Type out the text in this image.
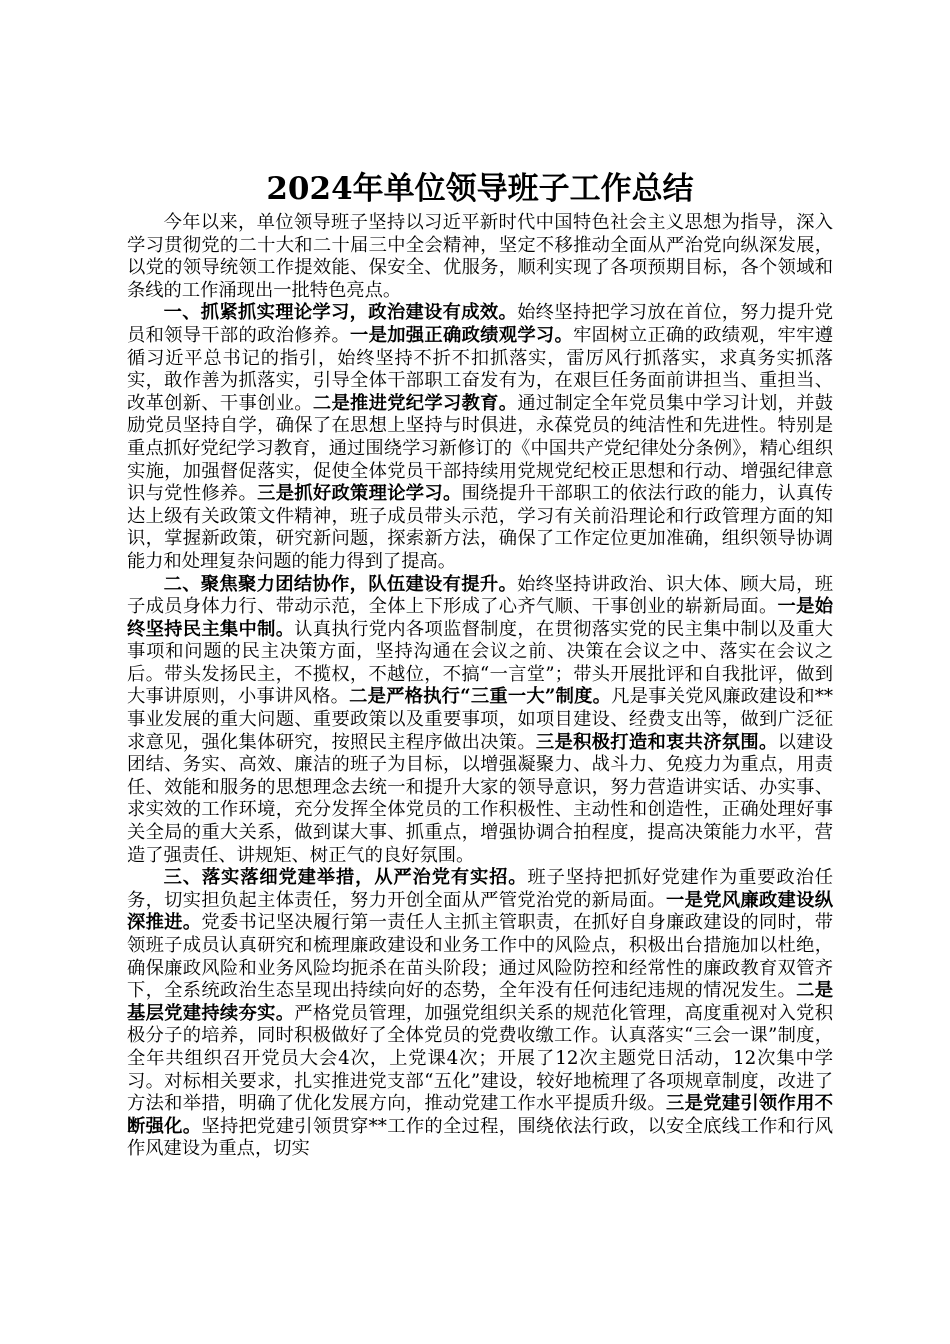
2024年单位领导班子工作总结

今年以来，单位领导班子坚持以习近平新时代中国特色社会主义思想为指导，深入学习贯彻党的二十大和二十届三中全会精神，坚定不移推动全面从严治党向纵深发展，以党的领导统领工作提效能、保安全、优服务，顺利实现了各项预期目标，各个领域和条线的工作涌现出一批特色亮点。

一、抓紧抓实理论学习，政治建设有成效。始终坚持把学习放在首位，努力提升党员和领导干部的政治修养。一是加强正确政绩观学习。牢固树立正确的政绩观，牢牢遵循习近平总书记的指引，始终坚持不折不扣抓落实，雷厉风行抓落实，求真务实抓落实，敢作善为抓落实，引导全体干部职工奋发有为，在艰巨任务面前讲担当、重担当、改革创新、干事创业。二是推进党纪学习教育。通过制定全年党员集中学习计划，并鼓励党员坚持自学，确保了在思想上坚持与时俱进，永葆党员的纯洁性和先进性。特别是重点抓好党纪学习教育，通过围绕学习新修订的《中国共产党纪律处分条例》，精心组织实施，加强督促落实，促使全体党员干部持续用党规党纪校正思想和行动、增强纪律意识与党性修养。三是抓好政策理论学习。围绕提升干部职工的依法行政的能力，认真传达上级有关政策文件精神，班子成员带头示范，学习有关前沿理论和行政管理方面的知识，掌握新政策，研究新问题，探索新方法，确保了工作定位更加准确，组织领导协调能力和处理复杂问题的能力得到了提高。

二、聚焦聚力团结协作，队伍建设有提升。始终坚持讲政治、识大体、顾大局，班子成员身体力行、带动示范，全体上下形成了心齐气顺、干事创业的崭新局面。一是始终坚持民主集中制。认真执行党内各项监督制度，在贯彻落实党的民主集中制以及重大事项和问题的民主决策方面，坚持沟通在会议之前、决策在会议之中、落实在会议之后。带头发扬民主，不揽权，不越位，不搞“一言堂”；带头开展批评和自我批评，做到大事讲原则，小事讲风格。二是严格执行“三重一大”制度。凡是事关党风廉政建设和**事业发展的重大问题、重要政策以及重要事项，如项目建设、经费支出等，做到广泛征求意见，强化集体研究，按照民主程序做出决策。三是积极打造和衷共济氛围。以建设团结、务实、高效、廉洁的班子为目标，以增强凝聚力、战斗力、免疫力为重点，用责任、效能和服务的思想理念去统一和提升大家的领导意识，努力营造讲实话、办实事、求实效的工作环境，充分发挥全体党员的工作积极性、主动性和创造性，正确处理好事关全局的重大关系，做到谋大事、抓重点，增强协调合拍程度，提高决策能力水平，营造了强责任、讲规矩、树正气的良好氛围。

三、落实落细党建举措，从严治党有实招。班子坚持把抓好党建作为重要政治任务，切实担负起主体责任，努力开创全面从严管党治党的新局面。一是党风廉政建设纵深推进。党委书记坚决履行第一责任人主抓主管职责，在抓好自身廉政建设的同时，带领班子成员认真研究和梳理廉政建设和业务工作中的风险点，积极出台措施加以杜绝，确保廉政风险和业务风险均扼杀在苗头阶段；通过风险防控和经常性的廉政教育双管齐下，全系统政治生态呈现出持续向好的态势，全年没有任何违纪违规的情况发生。二是基层党建持续夯实。严格党员管理，加强党组织关系的规范化管理，高度重视对入党积极分子的培养，同时积极做好了全体党员的党费收缴工作。认真落实“三会一课”制度，全年共组织召开党员大会4次，上党课4次；开展了12次主题党日活动，12次集中学习。对标相关要求，扎实推进党支部“五化”建设，较好地梳理了各项规章制度，改进了方法和举措，明确了优化发展方向，推动党建工作水平提质升级。三是党建引领作用不断强化。坚持把党建引领贯穿**工作的全过程，围绕依法行政，以安全底线工作和行风作风建设为重点，切实
